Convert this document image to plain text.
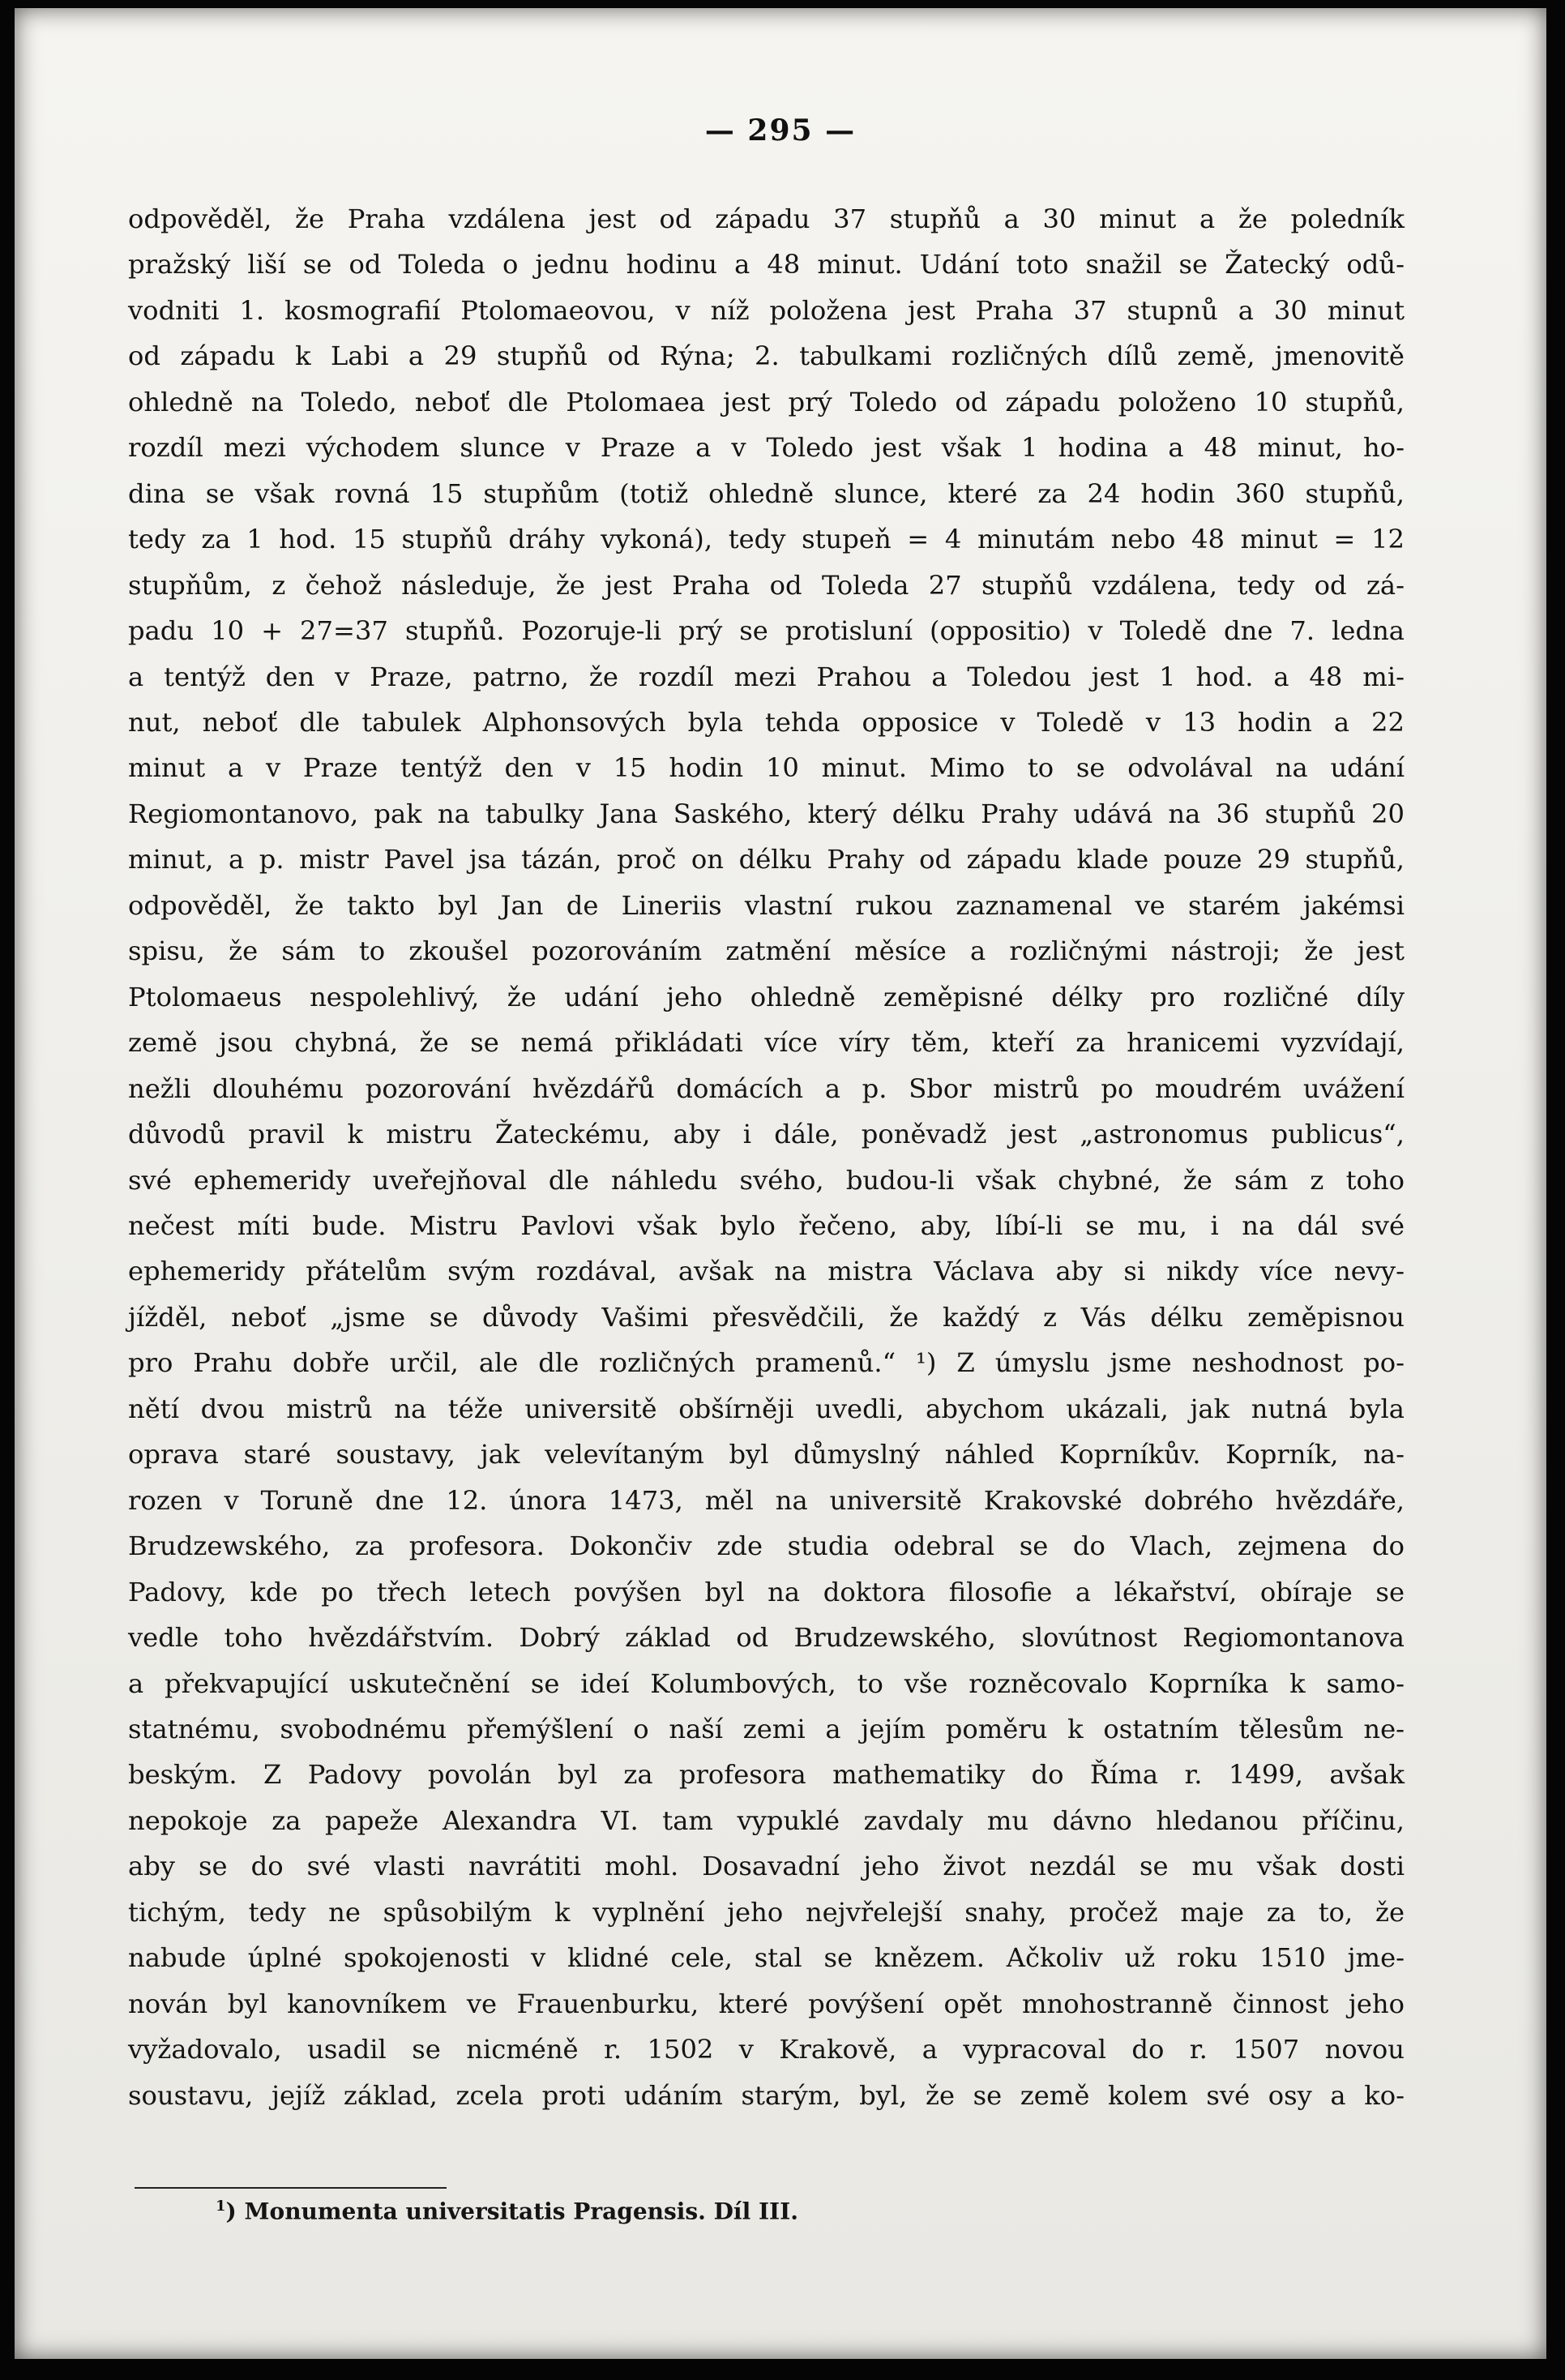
— 295 —
odpověděl, že Praha vzdálena jest od západu 37 stupňů a 30 minut a že poledník
pražský liší se od Toleda o jednu hodinu a 48 minut. Udání toto snažil se Žatecký odů-
vodniti 1. kosmografií Ptolomaeovou, v níž položena jest Praha 37 stupnů a 30 minut
od západu k Labi a 29 stupňů od Rýna; 2. tabulkami rozličných dílů země, jmenovitě
ohledně na Toledo, neboť dle Ptolomaea jest prý Toledo od západu položeno 10 stupňů,
rozdíl mezi východem slunce v Praze a v Toledo jest však 1 hodina a 48 minut, ho-
dina se však rovná 15 stupňům (totiž ohledně slunce, které za 24 hodin 360 stupňů,
tedy za 1 hod. 15 stupňů dráhy vykoná), tedy stupeň = 4 minutám nebo 48 minut = 12
stupňům, z čehož následuje, že jest Praha od Toleda 27 stupňů vzdálena, tedy od zá-
padu 10 + 27=37 stupňů. Pozoruje-li prý se protisluní (oppositio) v Toledě dne 7. ledna
a tentýž den v Praze, patrno, že rozdíl mezi Prahou a Toledou jest 1 hod. a 48 mi-
nut, neboť dle tabulek Alphonsových byla tehda opposice v Toledě v 13 hodin a 22
minut a v Praze tentýž den v 15 hodin 10 minut. Mimo to se odvolával na udání
Regiomontanovo, pak na tabulky Jana Saského, který délku Prahy udává na 36 stupňů 20
minut, a p. mistr Pavel jsa tázán, proč on délku Prahy od západu klade pouze 29 stupňů,
odpověděl, že takto byl Jan de Lineriis vlastní rukou zaznamenal ve starém jakémsi
spisu, že sám to zkoušel pozorováním zatmění měsíce a rozličnými nástroji; že jest
Ptolomaeus nespolehlivý, že udání jeho ohledně zeměpisné délky pro rozličné díly
země jsou chybná, že se nemá přikládati více víry těm, kteří za hranicemi vyzvídají,
nežli dlouhému pozorování hvězdářů domácích a p. Sbor mistrů po moudrém uvážení
důvodů pravil k mistru Žateckému, aby i dále, poněvadž jest „astronomus publicus“,
své ephemeridy uveřejňoval dle náhledu svého, budou-li však chybné, že sám z toho
nečest míti bude. Mistru Pavlovi však bylo řečeno, aby, líbí-li se mu, i na dál své
ephemeridy přátelům svým rozdával, avšak na mistra Václava aby si nikdy více nevy-
jížděl, neboť „jsme se důvody Vašimi přesvědčili, že každý z Vás délku zeměpisnou
pro Prahu dobře určil, ale dle rozličných pramenů.“ ¹) Z úmyslu jsme neshodnost po-
nětí dvou mistrů na téže universitě obšírněji uvedli, abychom ukázali, jak nutná byla
oprava staré soustavy, jak velevítaným byl důmyslný náhled Koprníkův. Koprník, na-
rozen v Toruně dne 12. února 1473, měl na universitě Krakovské dobrého hvězdáře,
Brudzewského, za profesora. Dokončiv zde studia odebral se do Vlach, zejmena do
Padovy, kde po třech letech povýšen byl na doktora filosofie a lékařství, obíraje se
vedle toho hvězdářstvím. Dobrý základ od Brudzewského, slovútnost Regiomontanova
a překvapující uskutečnění se ideí Kolumbových, to vše rozněcovalo Koprníka k samo-
statnému, svobodnému přemýšlení o naší zemi a jejím poměru k ostatním tělesům ne-
beským. Z Padovy povolán byl za profesora mathematiky do Říma r. 1499, avšak
nepokoje za papeže Alexandra VI. tam vypuklé zavdaly mu dávno hledanou příčinu,
aby se do své vlasti navrátiti mohl. Dosavadní jeho život nezdál se mu však dosti
tichým, tedy ne spůsobilým k vyplnění jeho nejvřelejší snahy, pročež maje za to, že
nabude úplné spokojenosti v klidné cele, stal se knězem. Ačkoliv už roku 1510 jme-
nován byl kanovníkem ve Frauenburku, které povýšení opět mnohostranně činnost jeho
vyžadovalo, usadil se nicméně r. 1502 v Krakově, a vypracoval do r. 1507 novou
soustavu, jejíž základ, zcela proti udáním starým, byl, že se země kolem své osy a ko-
$^1$) Monumenta universitatis Pragensis. Díl III.
